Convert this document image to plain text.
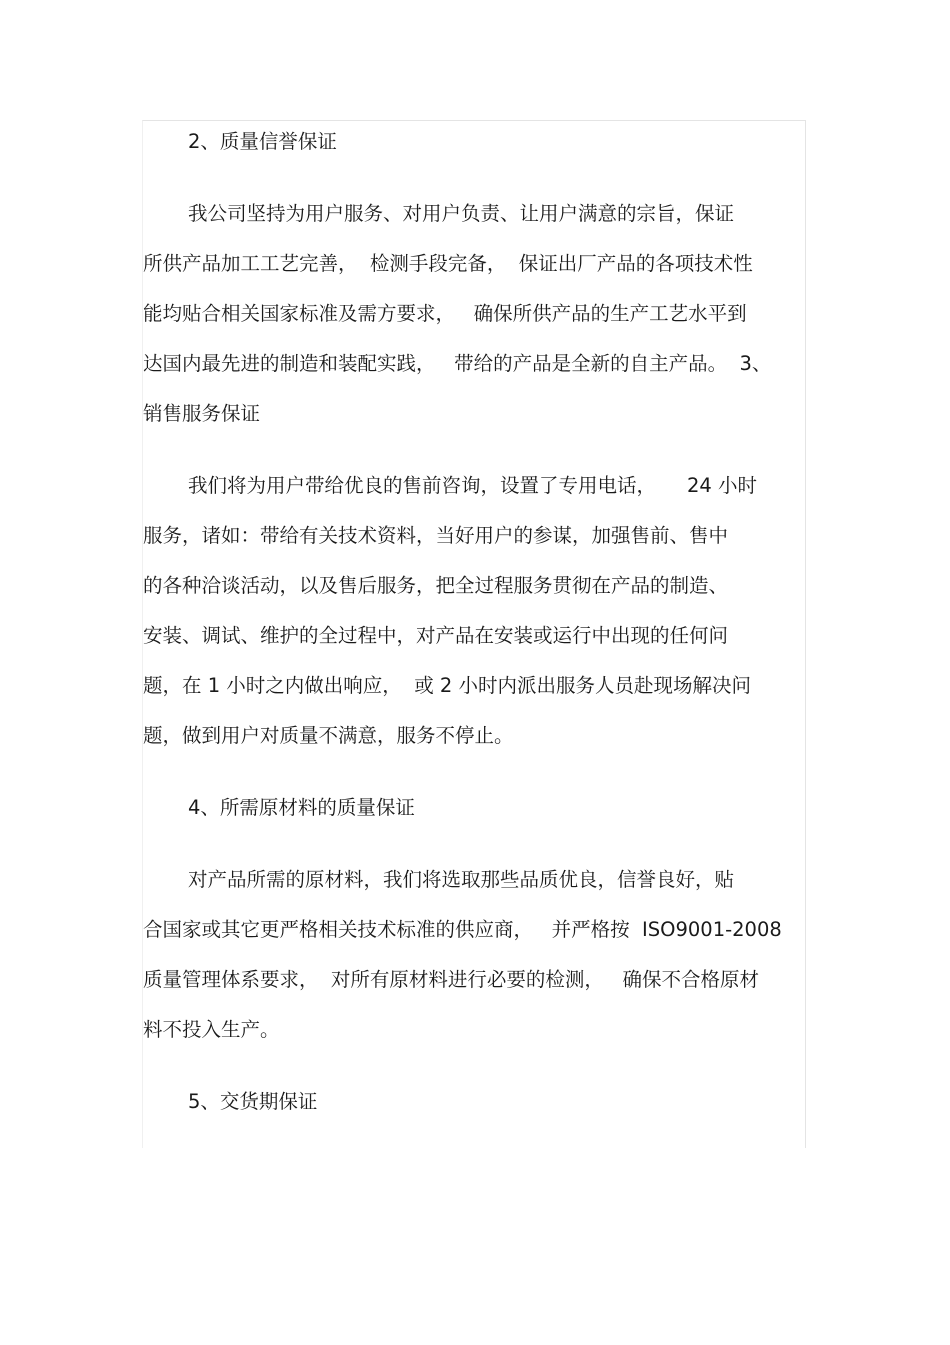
2、质量信誉保证
我公司坚持为用户服务、对用户负责、让用户满意的宗旨，保证
所供产品加工工艺完善，  检测手段完备，  保证出厂产品的各项技术性
能均贴合相关国家标准及需方要求，   确保所供产品的生产工艺水平到
达国内最先进的制造和装配实践，   带给的产品是全新的自主产品。  3、
销售服务保证
我们将为用户带给优良的售前咨询，设置了专用电话，     24 小时
服务，诸如：带给有关技术资料，当好用户的参谋，加强售前、售中
的各种洽谈活动，以及售后服务，把全过程服务贯彻在产品的制造、
安装、调试、维护的全过程中，对产品在安装或运行中出现的任何问
题，在 1 小时之内做出响应，  或 2 小时内派出服务人员赴现场解决问
题，做到用户对质量不满意，服务不停止。
4、所需原材料的质量保证
对产品所需的原材料，我们将选取那些品质优良，信誉良好，贴
合国家或其它更严格相关技术标准的供应商，   并严格按  ISO9001-2008
质量管理体系要求，  对所有原材料进行必要的检测，   确保不合格原材
料不投入生产。
5、交货期保证
